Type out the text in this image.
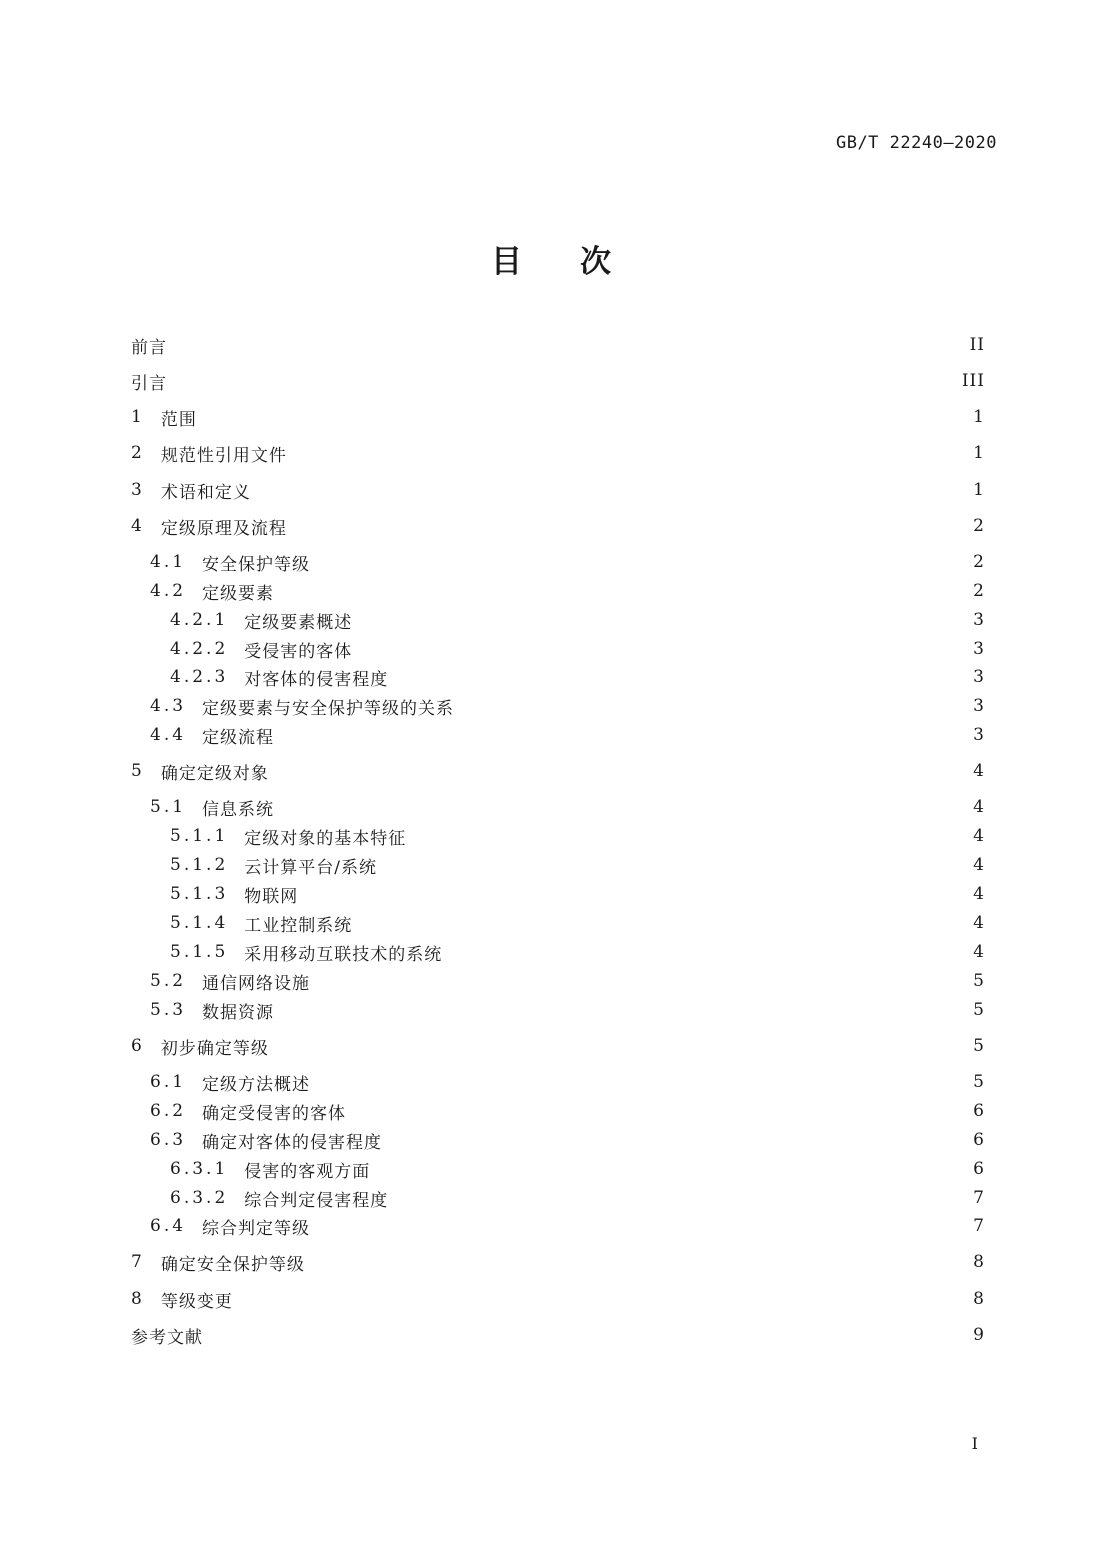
GB/T 22240—2020
目次
前言	II
引言	III
1 范围	1
2 规范性引用文件	1
3 术语和定义	1
4 定级原理及流程	2
4.1 安全保护等级	2
4.2 定级要素	2
4.2.1 定级要素概述	3
4.2.2 受侵害的客体	3
4.2.3 对客体的侵害程度	3
4.3 定级要素与安全保护等级的关系	3
4.4 定级流程	3
5 确定定级对象	4
5.1 信息系统	4
5.1.1 定级对象的基本特征	4
5.1.2 云计算平台/系统	4
5.1.3 物联网	4
5.1.4 工业控制系统	4
5.1.5 采用移动互联技术的系统	4
5.2 通信网络设施	5
5.3 数据资源	5
6 初步确定等级	5
6.1 定级方法概述	5
6.2 确定受侵害的客体	6
6.3 确定对客体的侵害程度	6
6.3.1 侵害的客观方面	6
6.3.2 综合判定侵害程度	7
6.4 综合判定等级	7
7 确定安全保护等级	8
8 等级变更	8
参考文献	9
I
